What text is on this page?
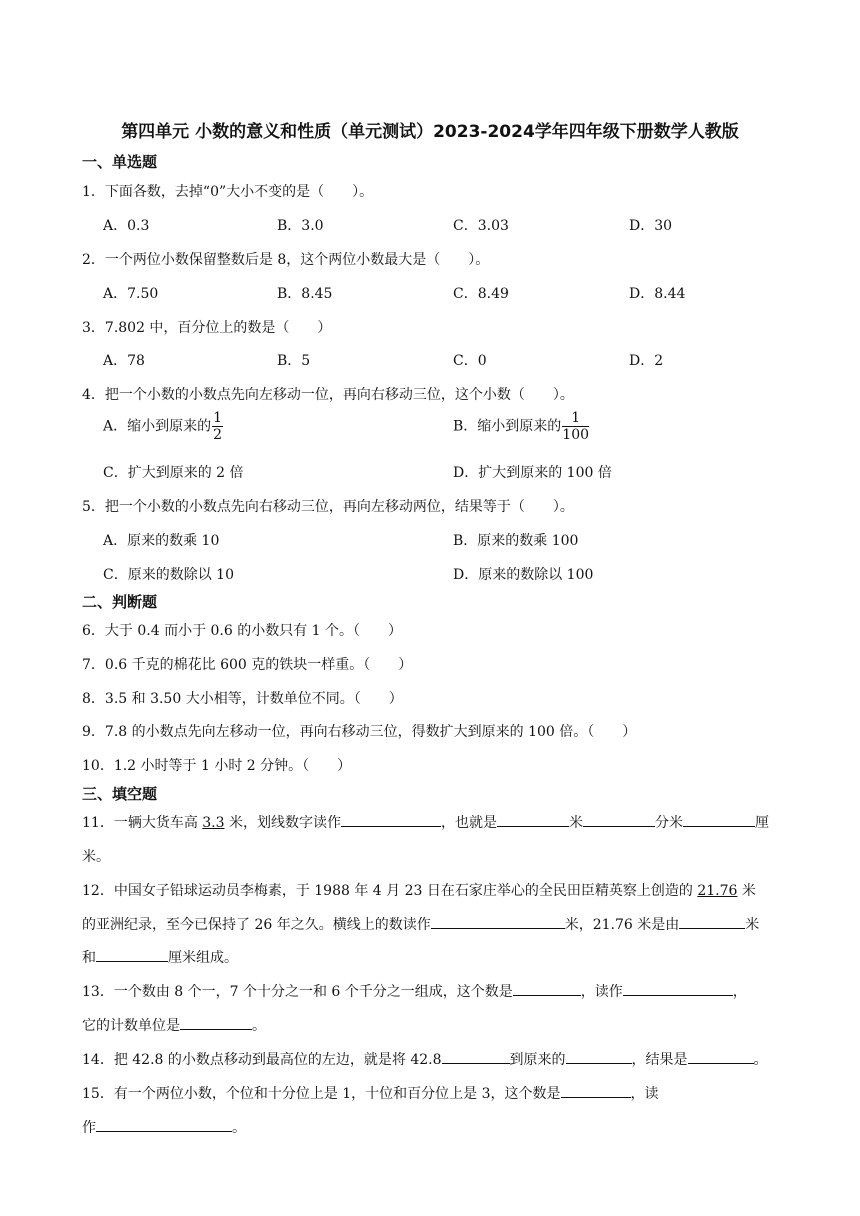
第四单元 小数的意义和性质（单元测试）2023-2024学年四年级下册数学人教版
一、单选题
1．下面各数，去掉“0”大小不变的是（　　）。
A．0.3	B．3.0	C．3.03	D．30
2．一个两位小数保留整数后是 8，这个两位小数最大是（　　）。
A．7.50	B．8.45	C．8.49	D．8.44
3．7.802 中，百分位上的数是（　　）
A．78	B．5	C．0	D．2
4．把一个小数的小数点先向左移动一位，再向右移动三位，这个小数（　　）。
A．缩小到原来的 $\frac{1}{2}$	B．缩小到原来的 $\frac{1}{100}$
C．扩大到原来的 2 倍	D．扩大到原来的 100 倍
5．把一个小数的小数点先向右移动三位，再向左移动两位，结果等于（　　）。
A．原来的数乘 10	B．原来的数乘 100
C．原来的数除以 10	D．原来的数除以 100
二、判断题
6．大于 0.4 而小于 0.6 的小数只有 1 个。（　　）
7．0.6 千克的棉花比 600 克的铁块一样重。（　　）
8．3.5 和 3.50 大小相等，计数单位不同。（　　）
9．7.8 的小数点先向左移动一位，再向右移动三位，得数扩大到原来的 100 倍。（　　）
10．1.2 小时等于 1 小时 2 分钟。（　　）
三、填空题
11．一辆大货车高 3.3 米，划线数字读作	，也就是	米	分米	厘
米。
12．中国女子铅球运动员李梅素，于 1988 年 4 月 23 日在石家庄举心的全民田臣精英察上创造的 21.76 米
的亚洲纪录，至今已保持了 26 年之久。横线上的数读作	米，21.76 米是由	米
和	厘米组成。
13．一个数由 8 个一，7 个十分之一和 6 个千分之一组成，这个数是	，读作	，
它的计数单位是	。
14．把 42.8 的小数点移动到最高位的左边，就是将 42.8	到原来的	，结果是	。
15．有一个两位小数，个位和十分位上是 1，十位和百分位上是 3，这个数是	，读
作	。
